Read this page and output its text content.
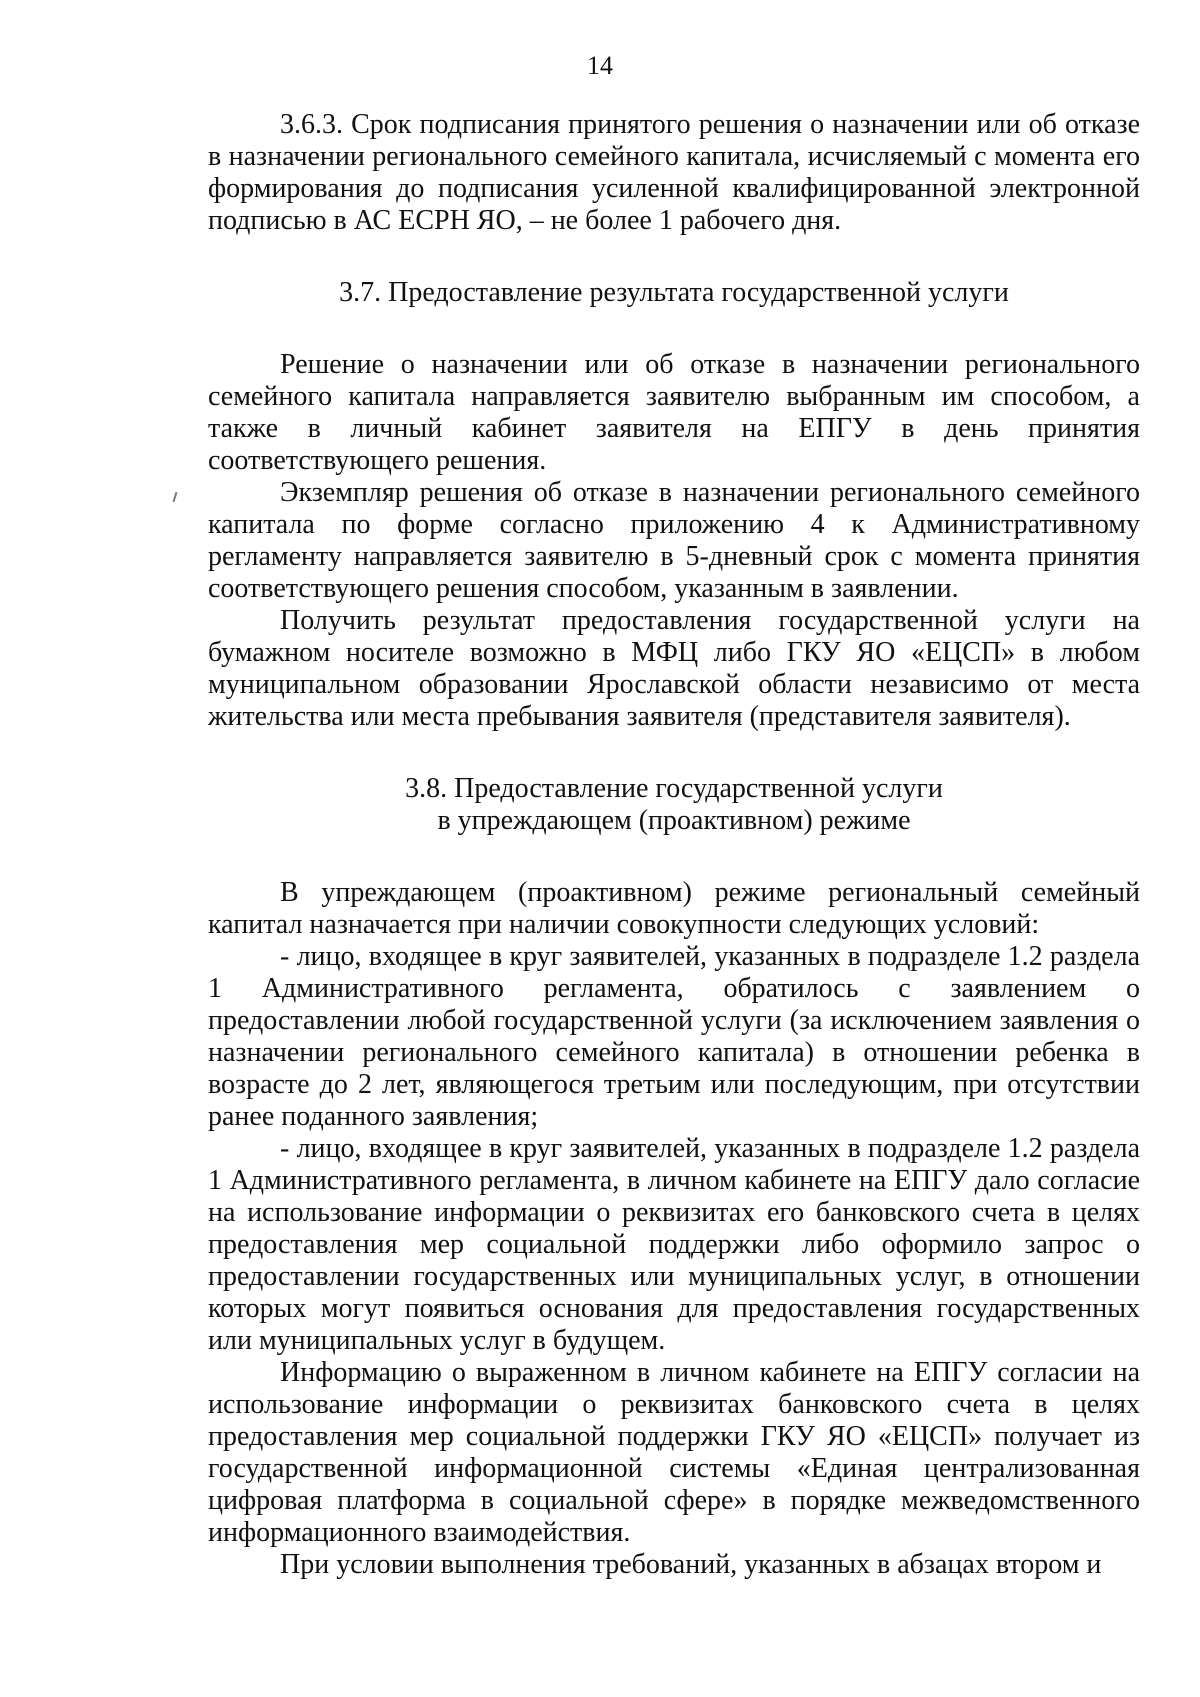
14

3.6.3. Срок подписания принятого решения о назначении или об отказе в назначении регионального семейного капитала, исчисляемый с момента его формирования до подписания усиленной квалифицированной электронной подписью в АС ЕСРН ЯО, – не более 1 рабочего дня.

3.7. Предоставление результата государственной услуги

Решение о назначении или об отказе в назначении регионального семейного капитала направляется заявителю выбранным им способом, а также в личный кабинет заявителя на ЕПГУ в день принятия соответствующего решения.

Экземпляр решения об отказе в назначении регионального семейного капитала по форме согласно приложению 4 к Административному регламенту направляется заявителю в 5-дневный срок с момента принятия соответствующего решения способом, указанным в заявлении.

Получить результат предоставления государственной услуги на бумажном носителе возможно в МФЦ либо ГКУ ЯО «ЕЦСП» в любом муниципальном образовании Ярославской области независимо от места жительства или места пребывания заявителя (представителя заявителя).

3.8. Предоставление государственной услуги

в упреждающем (проактивном) режиме

В упреждающем (проактивном) режиме региональный семейный капитал назначается при наличии совокупности следующих условий:

- лицо, входящее в круг заявителей, указанных в подразделе 1.2 раздела 1 Административного регламента, обратилось с заявлением о предоставлении любой государственной услуги (за исключением заявления о назначении регионального семейного капитала) в отношении ребенка в возрасте до 2 лет, являющегося третьим или последующим, при отсутствии ранее поданного заявления;

- лицо, входящее в круг заявителей, указанных в подразделе 1.2 раздела 1 Административного регламента, в личном кабинете на ЕПГУ дало согласие на использование информации о реквизитах его банковского счета в целях предоставления мер социальной поддержки либо оформило запрос о предоставлении государственных или муниципальных услуг, в отношении которых могут появиться основания для предоставления государственных или муниципальных услуг в будущем.

Информацию о выраженном в личном кабинете на ЕПГУ согласии на использование информации о реквизитах банковского счета в целях предоставления мер социальной поддержки ГКУ ЯО «ЕЦСП» получает из государственной информационной системы «Единая централизованная цифровая платформа в социальной сфере» в порядке межведомственного информационного взаимодействия.

При условии выполнения требований, указанных в абзацах втором и
